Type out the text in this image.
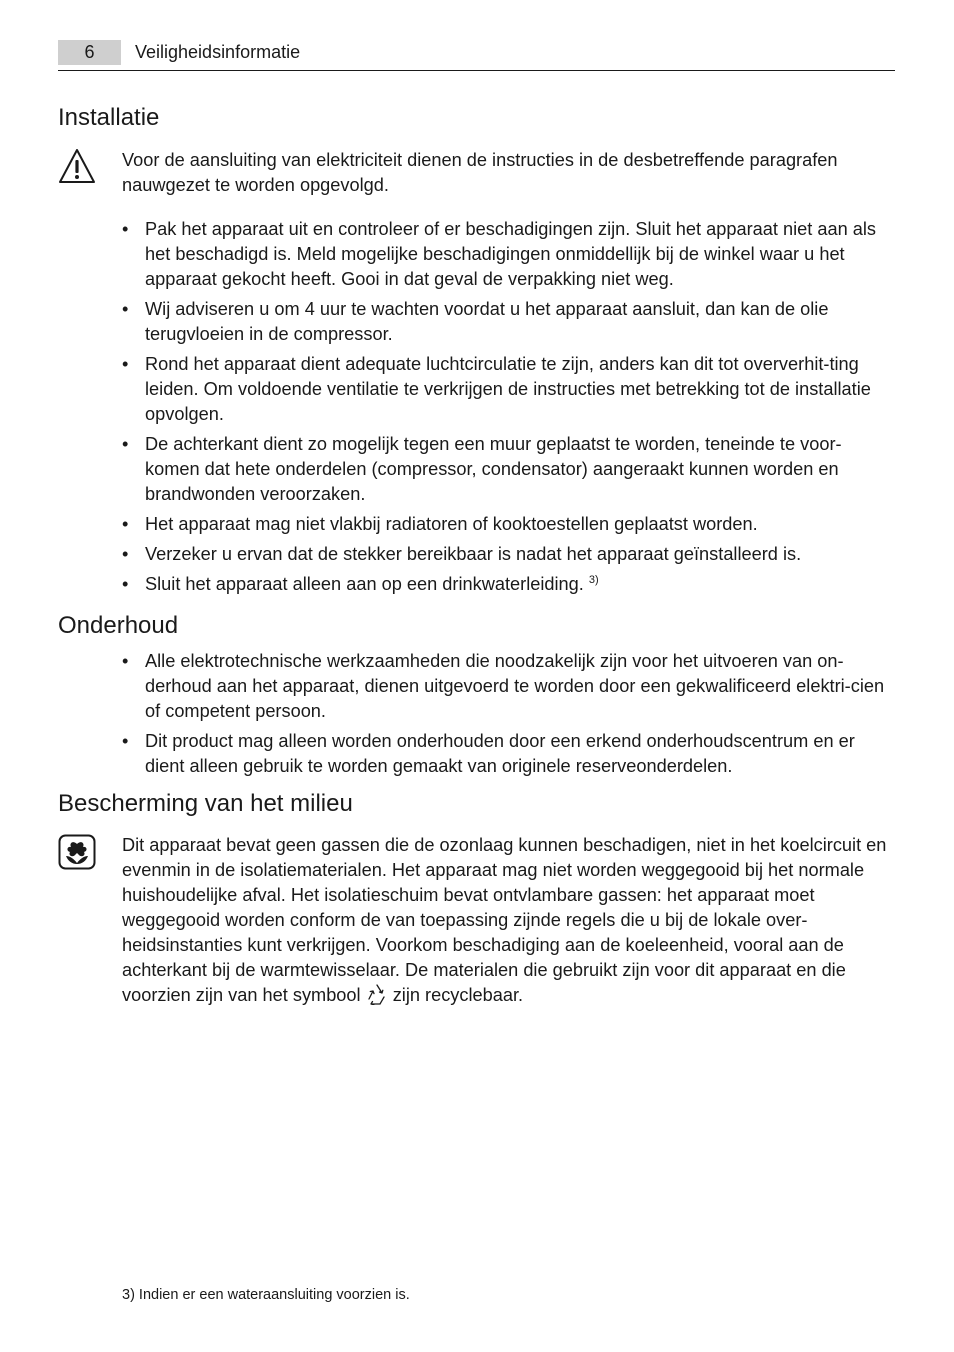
6	Veiligheidsinformatie
Installatie

Voor de aansluiting van elektriciteit dienen de instructies in de desbetreffende paragrafen nauwgezet te worden opgevolgd.

• Pak het apparaat uit en controleer of er beschadigingen zijn. Sluit het apparaat niet aan als het beschadigd is. Meld mogelijke beschadigingen onmiddellijk bij de winkel waar u het apparaat gekocht heeft. Gooi in dat geval de verpakking niet weg.
• Wij adviseren u om 4 uur te wachten voordat u het apparaat aansluit, dan kan de olie terugvloeien in de compressor.
• Rond het apparaat dient adequate luchtcirculatie te zijn, anders kan dit tot oververhit-ting leiden. Om voldoende ventilatie te verkrijgen de instructies met betrekking tot de installatie opvolgen.
• De achterkant dient zo mogelijk tegen een muur geplaatst te worden, teneinde te voor-komen dat hete onderdelen (compressor, condensator) aangeraakt kunnen worden en brandwonden veroorzaken.
• Het apparaat mag niet vlakbij radiatoren of kooktoestellen geplaatst worden.
• Verzeker u ervan dat de stekker bereikbaar is nadat het apparaat geïnstalleerd is.
• Sluit het apparaat alleen aan op een drinkwaterleiding. $^{3)}$
Onderhoud
• Alle elektrotechnische werkzaamheden die noodzakelijk zijn voor het uitvoeren van on-derhoud aan het apparaat, dienen uitgevoerd te worden door een gekwalificeerd elektri-cien of competent persoon.
• Dit product mag alleen worden onderhouden door een erkend onderhoudscentrum en er dient alleen gebruik te worden gemaakt van originele reserveonderdelen.
Bescherming van het milieu

Dit apparaat bevat geen gassen die de ozonlaag kunnen beschadigen, niet in het koelcircuit en evenmin in de isolatiematerialen. Het apparaat mag niet worden weggegooid bij het normale huishoudelijke afval. Het isolatieschuim bevat ontvlambare gassen: het apparaat moet weggegooid worden conform de van toepassing zijnde regels die u bij de lokale over-heidsinstanties kunt verkrijgen. Voorkom beschadiging aan de koeleenheid, vooral aan de achterkant bij de warmtewisselaar. De materialen die gebruikt zijn voor dit apparaat en die voorzien zijn van het symbool zijn recyclebaar.

3) Indien er een wateraansluiting voorzien is.
